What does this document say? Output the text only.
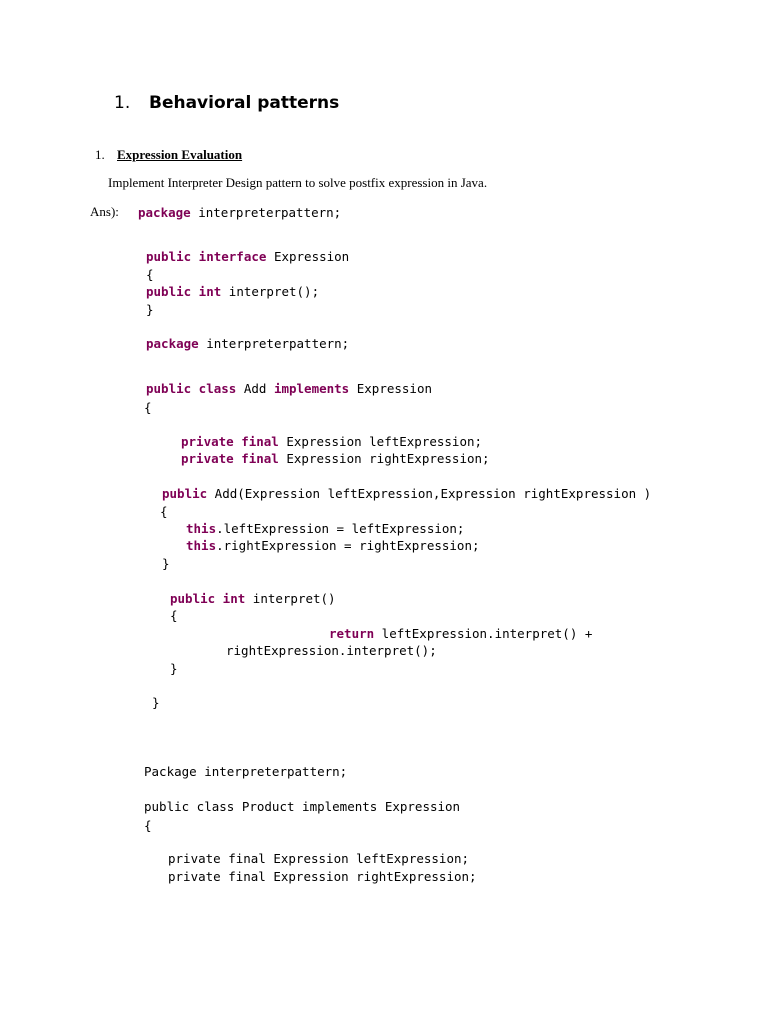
1. Behavioral patterns
1. Expression Evaluation
Implement Interpreter Design pattern to solve postfix expression in Java.
Ans): package interpreterpattern;
public interface Expression
{
public int interpret();
}
package interpreterpattern;
public class Add implements Expression
{
private final Expression leftExpression;
private final Expression rightExpression;
public Add(Expression leftExpression,Expression rightExpression )
{
this.leftExpression = leftExpression;
this.rightExpression = rightExpression;
}
public int interpret()
{
return leftExpression.interpret() +
rightExpression.interpret();
}
}
Package interpreterpattern;
public class Product implements Expression
{
private final Expression leftExpression;
private final Expression rightExpression;
